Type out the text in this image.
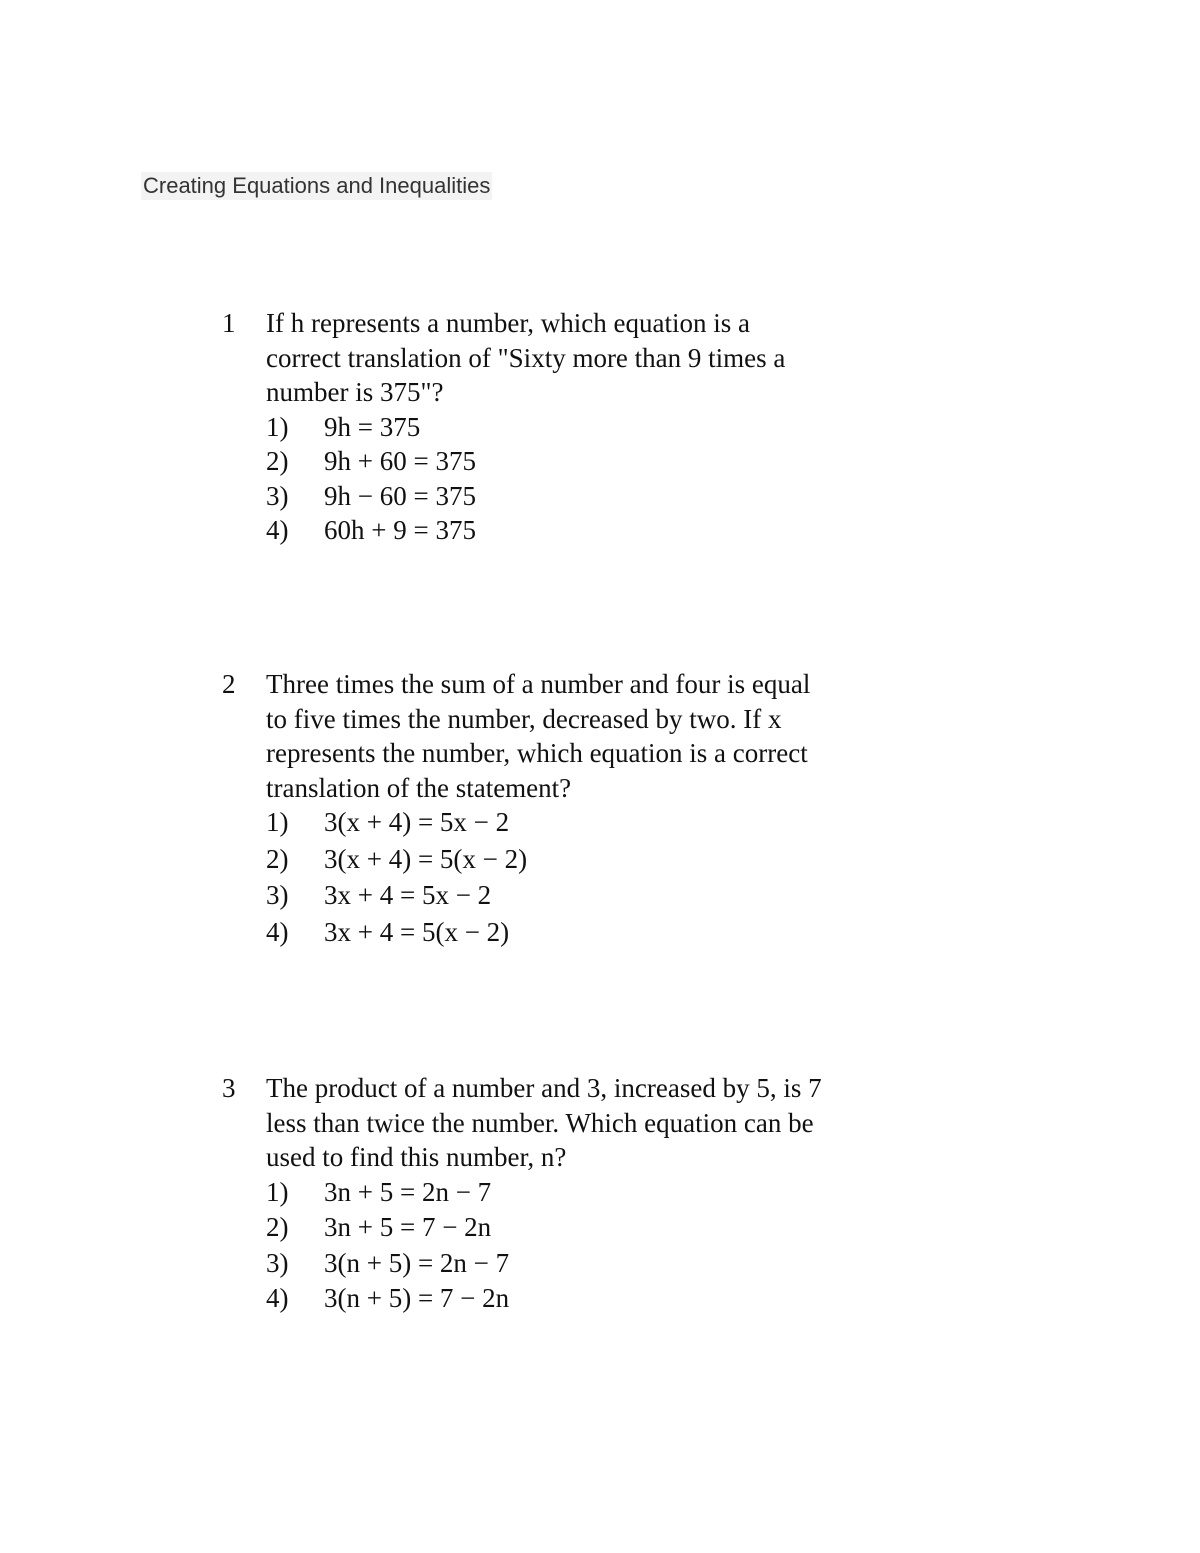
Creating Equations and Inequalities
1	If h represents a number, which equation is a
correct translation of "Sixty more than 9 times a
number is 375"?
1)	9h = 375
2)	9h + 60 = 375
3)	9h − 60 = 375
4)	60h + 9 = 375
2	Three times the sum of a number and four is equal
to five times the number, decreased by two. If x
represents the number, which equation is a correct
translation of the statement?
1)	3(x + 4) = 5x − 2
2)	3(x + 4) = 5(x − 2)
3)	3x + 4 = 5x − 2
4)	3x + 4 = 5(x − 2)
3	The product of a number and 3, increased by 5, is 7
less than twice the number. Which equation can be
used to find this number, n?
1)	3n + 5 = 2n − 7
2)	3n + 5 = 7 − 2n
3)	3(n + 5) = 2n − 7
4)	3(n + 5) = 7 − 2n
